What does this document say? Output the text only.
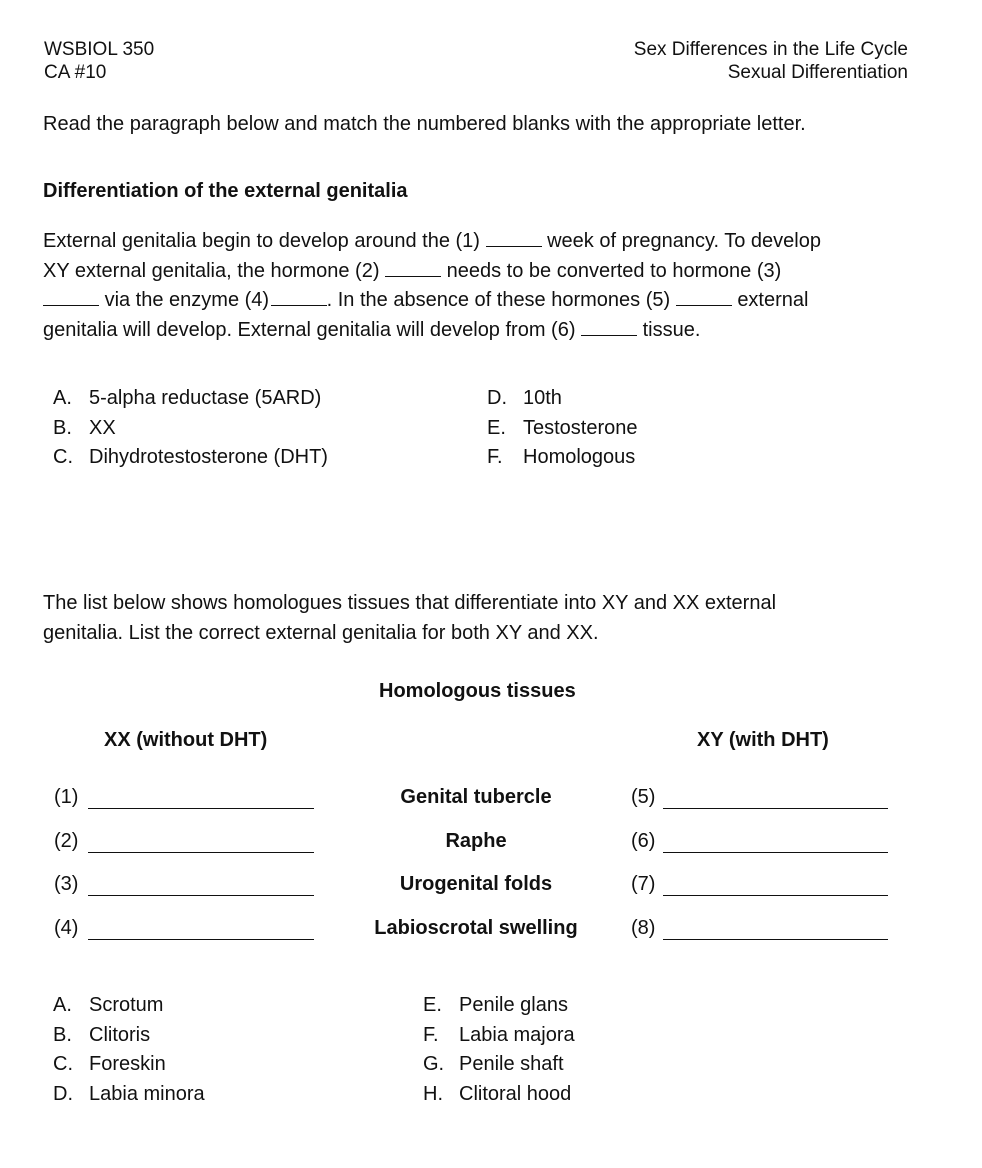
WSBIOL 350
CA #10
Sex Differences in the Life Cycle
Sexual Differentiation
Read the paragraph below and match the numbered blanks with the appropriate letter.
Differentiation of the external genitalia
External genitalia begin to develop around the (1)	week of pregnancy. To develop
XY external genitalia, the hormone (2)	needs to be converted to hormone (3)
via the enzyme (4)	. In the absence of these hormones (5)	external
genitalia will develop. External genitalia will develop from (6)	tissue.
A. 5-alpha reductase (5ARD)
B. XX
C. Dihydrotestosterone (DHT)
D. 10th
E. Testosterone
F. Homologous
The list below shows homologues tissues that differentiate into XY and XX external
genitalia. List the correct external genitalia for both XY and XX.
Homologous tissues
XX (without DHT)	XY (with DHT)
(1)	Genital tubercle	(5)
(2)	Raphe	(6)
(3)	Urogenital folds	(7)
(4)	Labioscrotal swelling	(8)
A. Scrotum
B. Clitoris
C. Foreskin
D. Labia minora
E. Penile glans
F. Labia majora
G. Penile shaft
H. Clitoral hood
